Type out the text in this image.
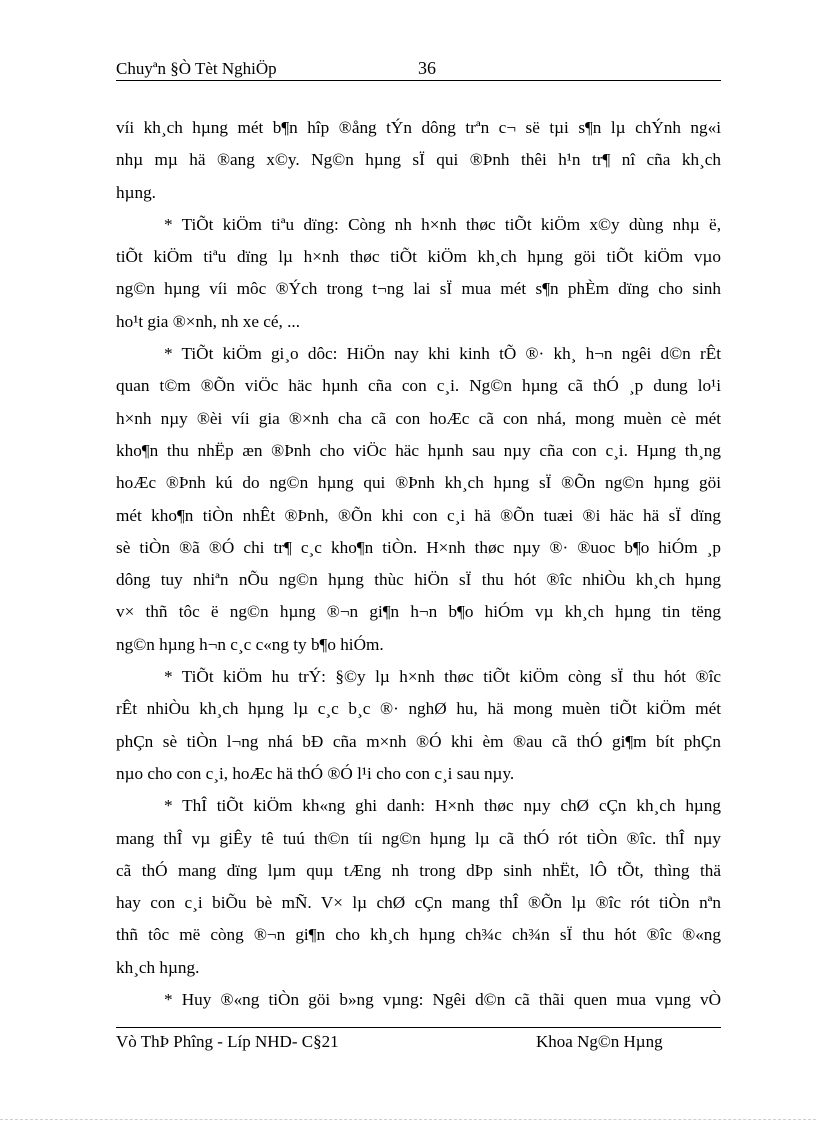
Chuyªn §Ò Tèt NghiÖp	36
víi kh¸ch hµng mét b¶n hîp ®ång tÝn dông trªn c¬ së tµi s¶n lµ chÝnh ng«i
nhµ mµ hä ®ang x©y. Ng©n hµng sÏ qui ®Þnh thêi h¹n tr¶ nî cña kh¸ch
hµng.
* TiÕt kiÖm tiªu dïng: Còng nh h×nh thøc tiÕt kiÖm x©y dùng nhµ ë,
tiÕt kiÖm tiªu dïng lµ h×nh thøc tiÕt kiÖm kh¸ch hµng göi tiÕt kiÖm vµo
ng©n hµng víi môc ®Ých trong t¬ng lai sÏ mua mét s¶n phÈm dïng cho sinh
ho¹t gia ®×nh, nh xe cé, ...
* TiÕt kiÖm gi¸o dôc: HiÖn nay khi kinh tÕ ®· kh¸ h¬n ngêi d©n rÊt
quan t©m ®Õn viÖc häc hµnh cña con c¸i. Ng©n hµng cã thÓ ¸p dung lo¹i
h×nh nµy ®èi víi gia ®×nh cha cã con hoÆc cã con nhá, mong muèn cè mét
kho¶n thu nhËp æn ®Þnh cho viÖc häc hµnh sau nµy cña con c¸i. Hµng th¸ng
hoÆc ®Þnh kú do ng©n hµng qui ®Þnh kh¸ch hµng sÏ ®Õn ng©n hµng göi
mét kho¶n tiÒn nhÊt ®Þnh, ®Õn khi con c¸i hä ®Õn tuæi ®i häc hä sÏ dïng
sè tiÒn ®ã ®Ó chi tr¶ c¸c kho¶n tiÒn. H×nh thøc nµy ®· ®uoc b¶o hiÓm ¸p
dông tuy nhiªn nÕu ng©n hµng thùc hiÖn sÏ thu hót ®îc nhiÒu kh¸ch hµng
v× thñ tôc ë ng©n hµng ®¬n gi¶n h¬n b¶o hiÓm vµ kh¸ch hµng tin tëng
ng©n hµng h¬n c¸c c«ng ty b¶o hiÓm.
* TiÕt kiÖm hu trÝ: §©y lµ h×nh thøc tiÕt kiÖm còng sÏ thu hót ®îc
rÊt nhiÒu kh¸ch hµng lµ c¸c b¸c ®· nghØ hu, hä mong muèn tiÕt kiÖm mét
phÇn sè tiÒn l¬ng nhá bÐ cña m×nh ®Ó khi èm ®au cã thÓ gi¶m bít phÇn
nµo cho con c¸i, hoÆc hä thÓ ®Ó l¹i cho con c¸i sau nµy.
* ThÎ tiÕt kiÖm kh«ng ghi danh: H×nh thøc nµy chØ cÇn kh¸ch hµng
mang thÎ vµ giÊy tê tuú th©n tíi ng©n hµng lµ cã thÓ rót tiÒn ®îc. thÎ nµy
cã thÓ mang dïng lµm quµ tÆng nh trong dÞp sinh nhËt, lÔ tÕt, thìng thä
hay con c¸i biÕu bè mÑ. V× lµ chØ cÇn mang thÎ ®Õn lµ ®îc rót tiÒn nªn
thñ tôc më còng ®¬n gi¶n cho kh¸ch hµng ch¾c ch¾n sÏ thu hót ®îc ®«ng
kh¸ch hµng.
* Huy ®«ng tiÒn göi b»ng vµng: Ngêi d©n cã thãi quen mua vµng vÒ
Vò ThÞ Phîng - Líp NHD- C§21	Khoa Ng©n Hµng
